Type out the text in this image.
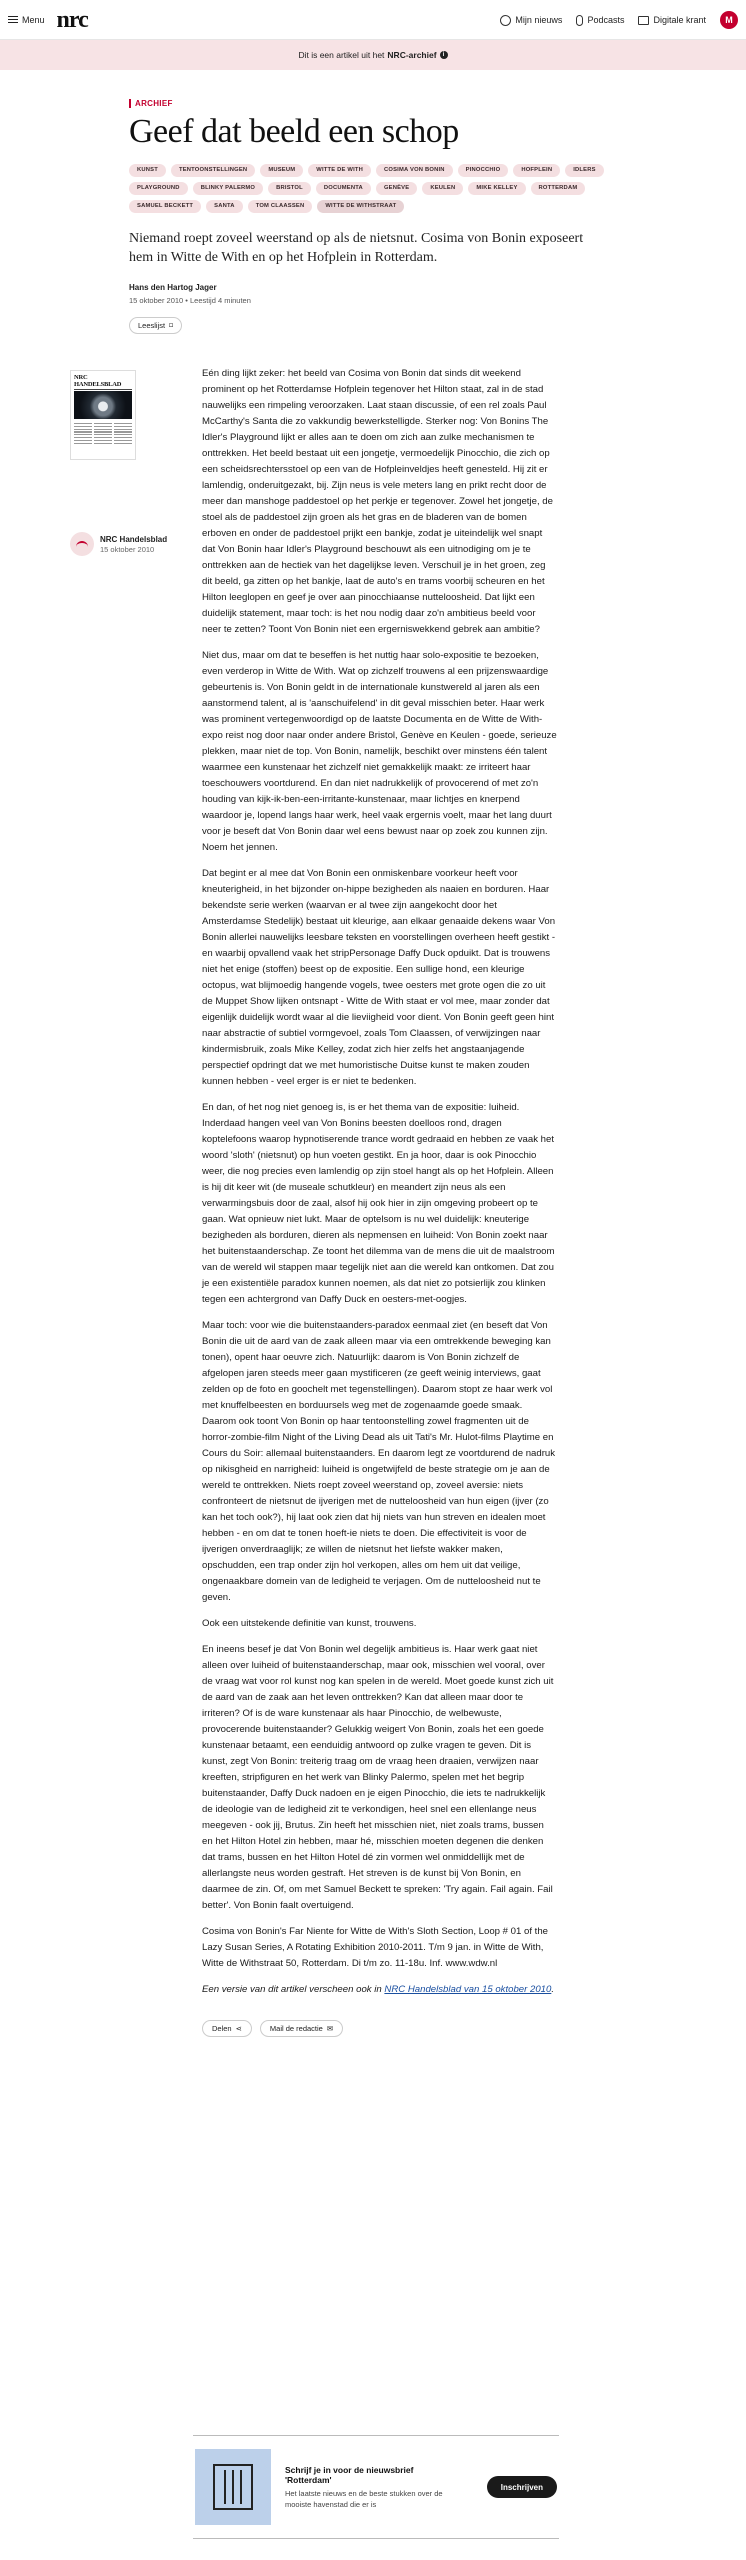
Menu nrc	Mijn nieuws	Podcasts	Digitale krant	M
Dit is een artikel uit het NRC-archief	i
ARCHIEF
Geef dat beeld een schop
KUNST	TENTOONSTELLINGEN	MUSEUM	WITTE DE WITH	COSIMA VON BONIN	PINOCCHIO	HOFPLEIN	IDLERS
PLAYGROUND	BLINKY PALERMO	BRISTOL	DOCUMENTA	GENÈVE	KEULEN	MIKE KELLEY	ROTTERDAM
SAMUEL BECKETT	SANTA	TOM CLAASSEN	WITTE DE WITHSTRAAT

Niemand roept zoveel weerstand op als de nietsnut. Cosima von Bonin exposeert hem in Witte de With en op het Hofplein in Rotterdam.

Hans den Hartog Jager
15 oktober 2010 • Leestijd 4 minuten
Leeslijst ⌑
NRC HANDELSBLAD
NRC Handelsblad
15 oktober 2010

Eén ding lijkt zeker: het beeld van Cosima von Bonin dat sinds dit weekend prominent op het Rotterdamse Hofplein tegenover het Hilton staat, zal in de stad nauwelijks een rimpeling veroorzaken. Laat staan discussie, of een rel zoals Paul McCarthy's Santa die zo vakkundig bewerkstelligde. Sterker nog: Von Bonins The Idler's Playground lijkt er alles aan te doen om zich aan zulke mechanismen te onttrekken. Het beeld bestaat uit een jongetje, vermoedelijk Pinocchio, die zich op een scheidsrechtersstoel op een van de Hofpleinveldjes heeft genesteld. Hij zit er lamlendig, onderuitgezakt, bij. Zijn neus is vele meters lang en prikt recht door de meer dan manshoge paddestoel op het perkje er tegenover. Zowel het jongetje, de stoel als de paddestoel zijn groen als het gras en de bladeren van de bomen erboven en onder de paddestoel prijkt een bankje, zodat je uiteindelijk wel snapt dat Von Bonin haar Idler's Playground beschouwt als een uitnodiging om je te onttrekken aan de hectiek van het dagelijkse leven. Verschuil je in het groen, zeg dit beeld, ga zitten op het bankje, laat de auto's en trams voorbij scheuren en het Hilton leeglopen en geef je over aan pinocchiaanse nutteloosheid. Dat lijkt een duidelijk statement, maar toch: is het nou nodig daar zo'n ambitieus beeld voor neer te zetten? Toont Von Bonin niet een ergerniswekkend gebrek aan ambitie?

Niet dus, maar om dat te beseffen is het nuttig haar solo-expositie te bezoeken, even verderop in Witte de With. Wat op zichzelf trouwens al een prijzenswaardige gebeurtenis is. Von Bonin geldt in de internationale kunstwereld al jaren als een aanstormend talent, al is 'aanschuifelend' in dit geval misschien beter. Haar werk was prominent vertegenwoordigd op de laatste Documenta en de Witte de With-expo reist nog door naar onder andere Bristol, Genève en Keulen - goede, serieuze plekken, maar niet de top. Von Bonin, namelijk, beschikt over minstens één talent waarmee een kunstenaar het zichzelf niet gemakkelijk maakt: ze irriteert haar toeschouwers voortdurend. En dan niet nadrukkelijk of provocerend of met zo'n houding van kijk-ik-ben-een-irritante-kunstenaar, maar lichtjes en knerpend waardoor je, lopend langs haar werk, heel vaak ergernis voelt, maar het lang duurt voor je beseft dat Von Bonin daar wel eens bewust naar op zoek zou kunnen zijn. Noem het jennen.

Dat begint er al mee dat Von Bonin een onmiskenbare voorkeur heeft voor kneuterigheid, in het bijzonder on-hippe bezigheden als naaien en borduren. Haar bekendste serie werken (waarvan er al twee zijn aangekocht door het Amsterdamse Stedelijk) bestaat uit kleurige, aan elkaar genaaide dekens waar Von Bonin allerlei nauwelijks leesbare teksten en voorstellingen overheen heeft gestikt - en waarbij opvallend vaak het stripPersonage Daffy Duck opduikt. Dat is trouwens niet het enige (stoffen) beest op de expositie. Een sullige hond, een kleurige octopus, wat blijmoedig hangende vogels, twee oesters met grote ogen die zo uit de Muppet Show lijken ontsnapt - Witte de With staat er vol mee, maar zonder dat eigenlijk duidelijk wordt waar al die lieviigheid voor dient. Von Bonin geeft geen hint naar abstractie of subtiel vormgevoel, zoals Tom Claassen, of verwijzingen naar kindermisbruik, zoals Mike Kelley, zodat zich hier zelfs het angstaanjagende perspectief opdringt dat we met humoristische Duitse kunst te maken zouden kunnen hebben - veel erger is er niet te bedenken.

En dan, of het nog niet genoeg is, is er het thema van de expositie: luiheid. Inderdaad hangen veel van Von Bonins beesten doelloos rond, dragen koptelefoons waarop hypnotiserende trance wordt gedraaid en hebben ze vaak het woord 'sloth' (nietsnut) op hun voeten gestikt. En ja hoor, daar is ook Pinocchio weer, die nog precies even lamlendig op zijn stoel hangt als op het Hofplein. Alleen is hij dit keer wit (de museale schutkleur) en meandert zijn neus als een verwarmingsbuis door de zaal, alsof hij ook hier in zijn omgeving probeert op te gaan. Wat opnieuw niet lukt. Maar de optelsom is nu wel duidelijk: kneuterige bezigheden als borduren, dieren als nepmensen en luiheid: Von Bonin zoekt naar het buitenstaanderschap. Ze toont het dilemma van de mens die uit de maalstroom van de wereld wil stappen maar tegelijk niet aan die wereld kan ontkomen. Dat zou je een existentiële paradox kunnen noemen, als dat niet zo potsierlijk zou klinken tegen een achtergrond van Daffy Duck en oesters-met-oogjes.

Maar toch: voor wie die buitenstaanders-paradox eenmaal ziet (en beseft dat Von Bonin die uit de aard van de zaak alleen maar via een omtrekkende beweging kan tonen), opent haar oeuvre zich. Natuurlijk: daarom is Von Bonin zichzelf de afgelopen jaren steeds meer gaan mystificeren (ze geeft weinig interviews, gaat zelden op de foto en goochelt met tegenstellingen). Daarom stopt ze haar werk vol met knuffelbeesten en borduursels weg met de zogenaamde goede smaak. Daarom ook toont Von Bonin op haar tentoonstelling zowel fragmenten uit de horror-zombie-film Night of the Living Dead als uit Tati's Mr. Hulot-films Playtime en Cours du Soir: allemaal buitenstaanders. En daarom legt ze voortdurend de nadruk op nikisgheid en narrigheid: luiheid is ongetwijfeld de beste strategie om je aan de wereld te onttrekken. Niets roept zoveel weerstand op, zoveel aversie: niets confronteert de nietsnut de ijverigen met de nutteloosheid van hun eigen (ijver (zo kan het toch ook?), hij laat ook zien dat hij niets van hun streven en idealen moet hebben - en om dat te tonen hoeft-ie niets te doen. Die effectiviteit is voor de ijverigen onverdraaglijk; ze willen de nietsnut het liefste wakker maken, opschudden, een trap onder zijn hol verkopen, alles om hem uit dat veilige, ongenaakbare domein van de ledigheid te verjagen. Om de nutteloosheid nut te geven.

Ook een uitstekende definitie van kunst, trouwens.

En ineens besef je dat Von Bonin wel degelijk ambitieus is. Haar werk gaat niet alleen over luiheid of buitenstaanderschap, maar ook, misschien wel vooral, over de vraag wat voor rol kunst nog kan spelen in de wereld. Moet goede kunst zich uit de aard van de zaak aan het leven onttrekken? Kan dat alleen maar door te irriteren? Of is de ware kunstenaar als haar Pinocchio, de welbewuste, provocerende buitenstaander? Gelukkig weigert Von Bonin, zoals het een goede kunstenaar betaamt, een eenduidig antwoord op zulke vragen te geven. Dit is kunst, zegt Von Bonin: treiterig traag om de vraag heen draaien, verwijzen naar kreeften, stripfiguren en het werk van Blinky Palermo, spelen met het begrip buitenstaander, Daffy Duck nadoen en je eigen Pinocchio, die iets te nadrukkelijk de ideologie van de ledigheid zit te verkondigen, heel snel een ellenlange neus meegeven - ook jij, Brutus. Zin heeft het misschien niet, niet zoals trams, bussen en het Hilton Hotel zin hebben, maar hé, misschien moeten degenen die denken dat trams, bussen en het Hilton Hotel dé zin vormen wel onmiddellijk met de allerlangste neus worden gestraft. Het streven is de kunst bij Von Bonin, en daarmee de zin. Of, om met Samuel Beckett te spreken: 'Try again. Fail again. Fail better'. Von Bonin faalt overtuigend.

Cosima von Bonin's Far Niente for Witte de With's Sloth Section, Loop # 01 of the Lazy Susan Series, A Rotating Exhibition 2010-2011. T/m 9 jan. in Witte de With, Witte de Withstraat 50, Rotterdam. Di t/m zo. 11-18u. Inf. www.wdw.nl

Een versie van dit artikel verscheen ook in NRC Handelsblad van 15 oktober 2010.

Delen ⋖	Mail de redactie ✉
Schrijf je in voor de nieuwsbrief 'Rotterdam'
Het laatste nieuws en de beste stukken over de mooiste havenstad die er is
Inschrijven
